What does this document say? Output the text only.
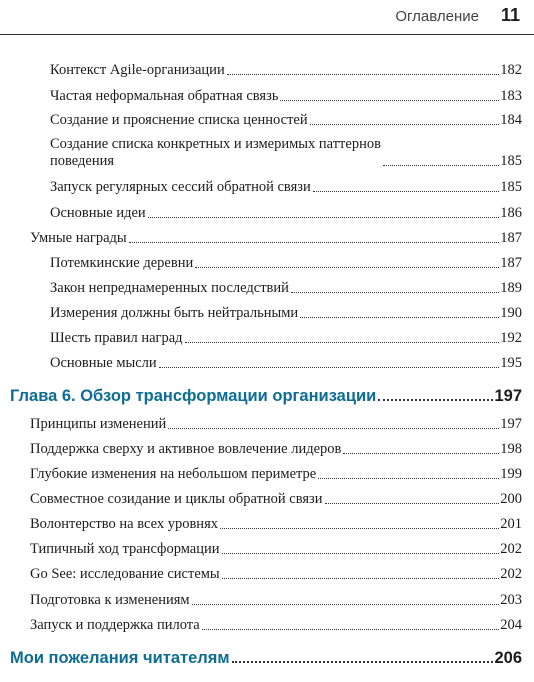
Оглавление 11
Контекст Agile-организации	182
Частая неформальная обратная связь	183
Создание и прояснение списка ценностей	184
Создание списка конкретных и измеримых паттернов
поведения	185
Запуск регулярных сессий обратной связи	185
Основные идеи	186
Умные награды	187
Потемкинские деревни	187
Закон непреднамеренных последствий	189
Измерения должны быть нейтральными	190
Шесть правил наград	192
Основные мысли	195
Глава 6. Обзор трансформации организации	197
Принципы изменений	197
Поддержка сверху и активное вовлечение лидеров	198
Глубокие изменения на небольшом периметре	199
Совместное созидание и циклы обратной связи	200
Волонтерство на всех уровнях	201
Типичный ход трансформации	202
Go See: исследование системы	202
Подготовка к изменениям	203
Запуск и поддержка пилота	204
Мои пожелания читателям	206
